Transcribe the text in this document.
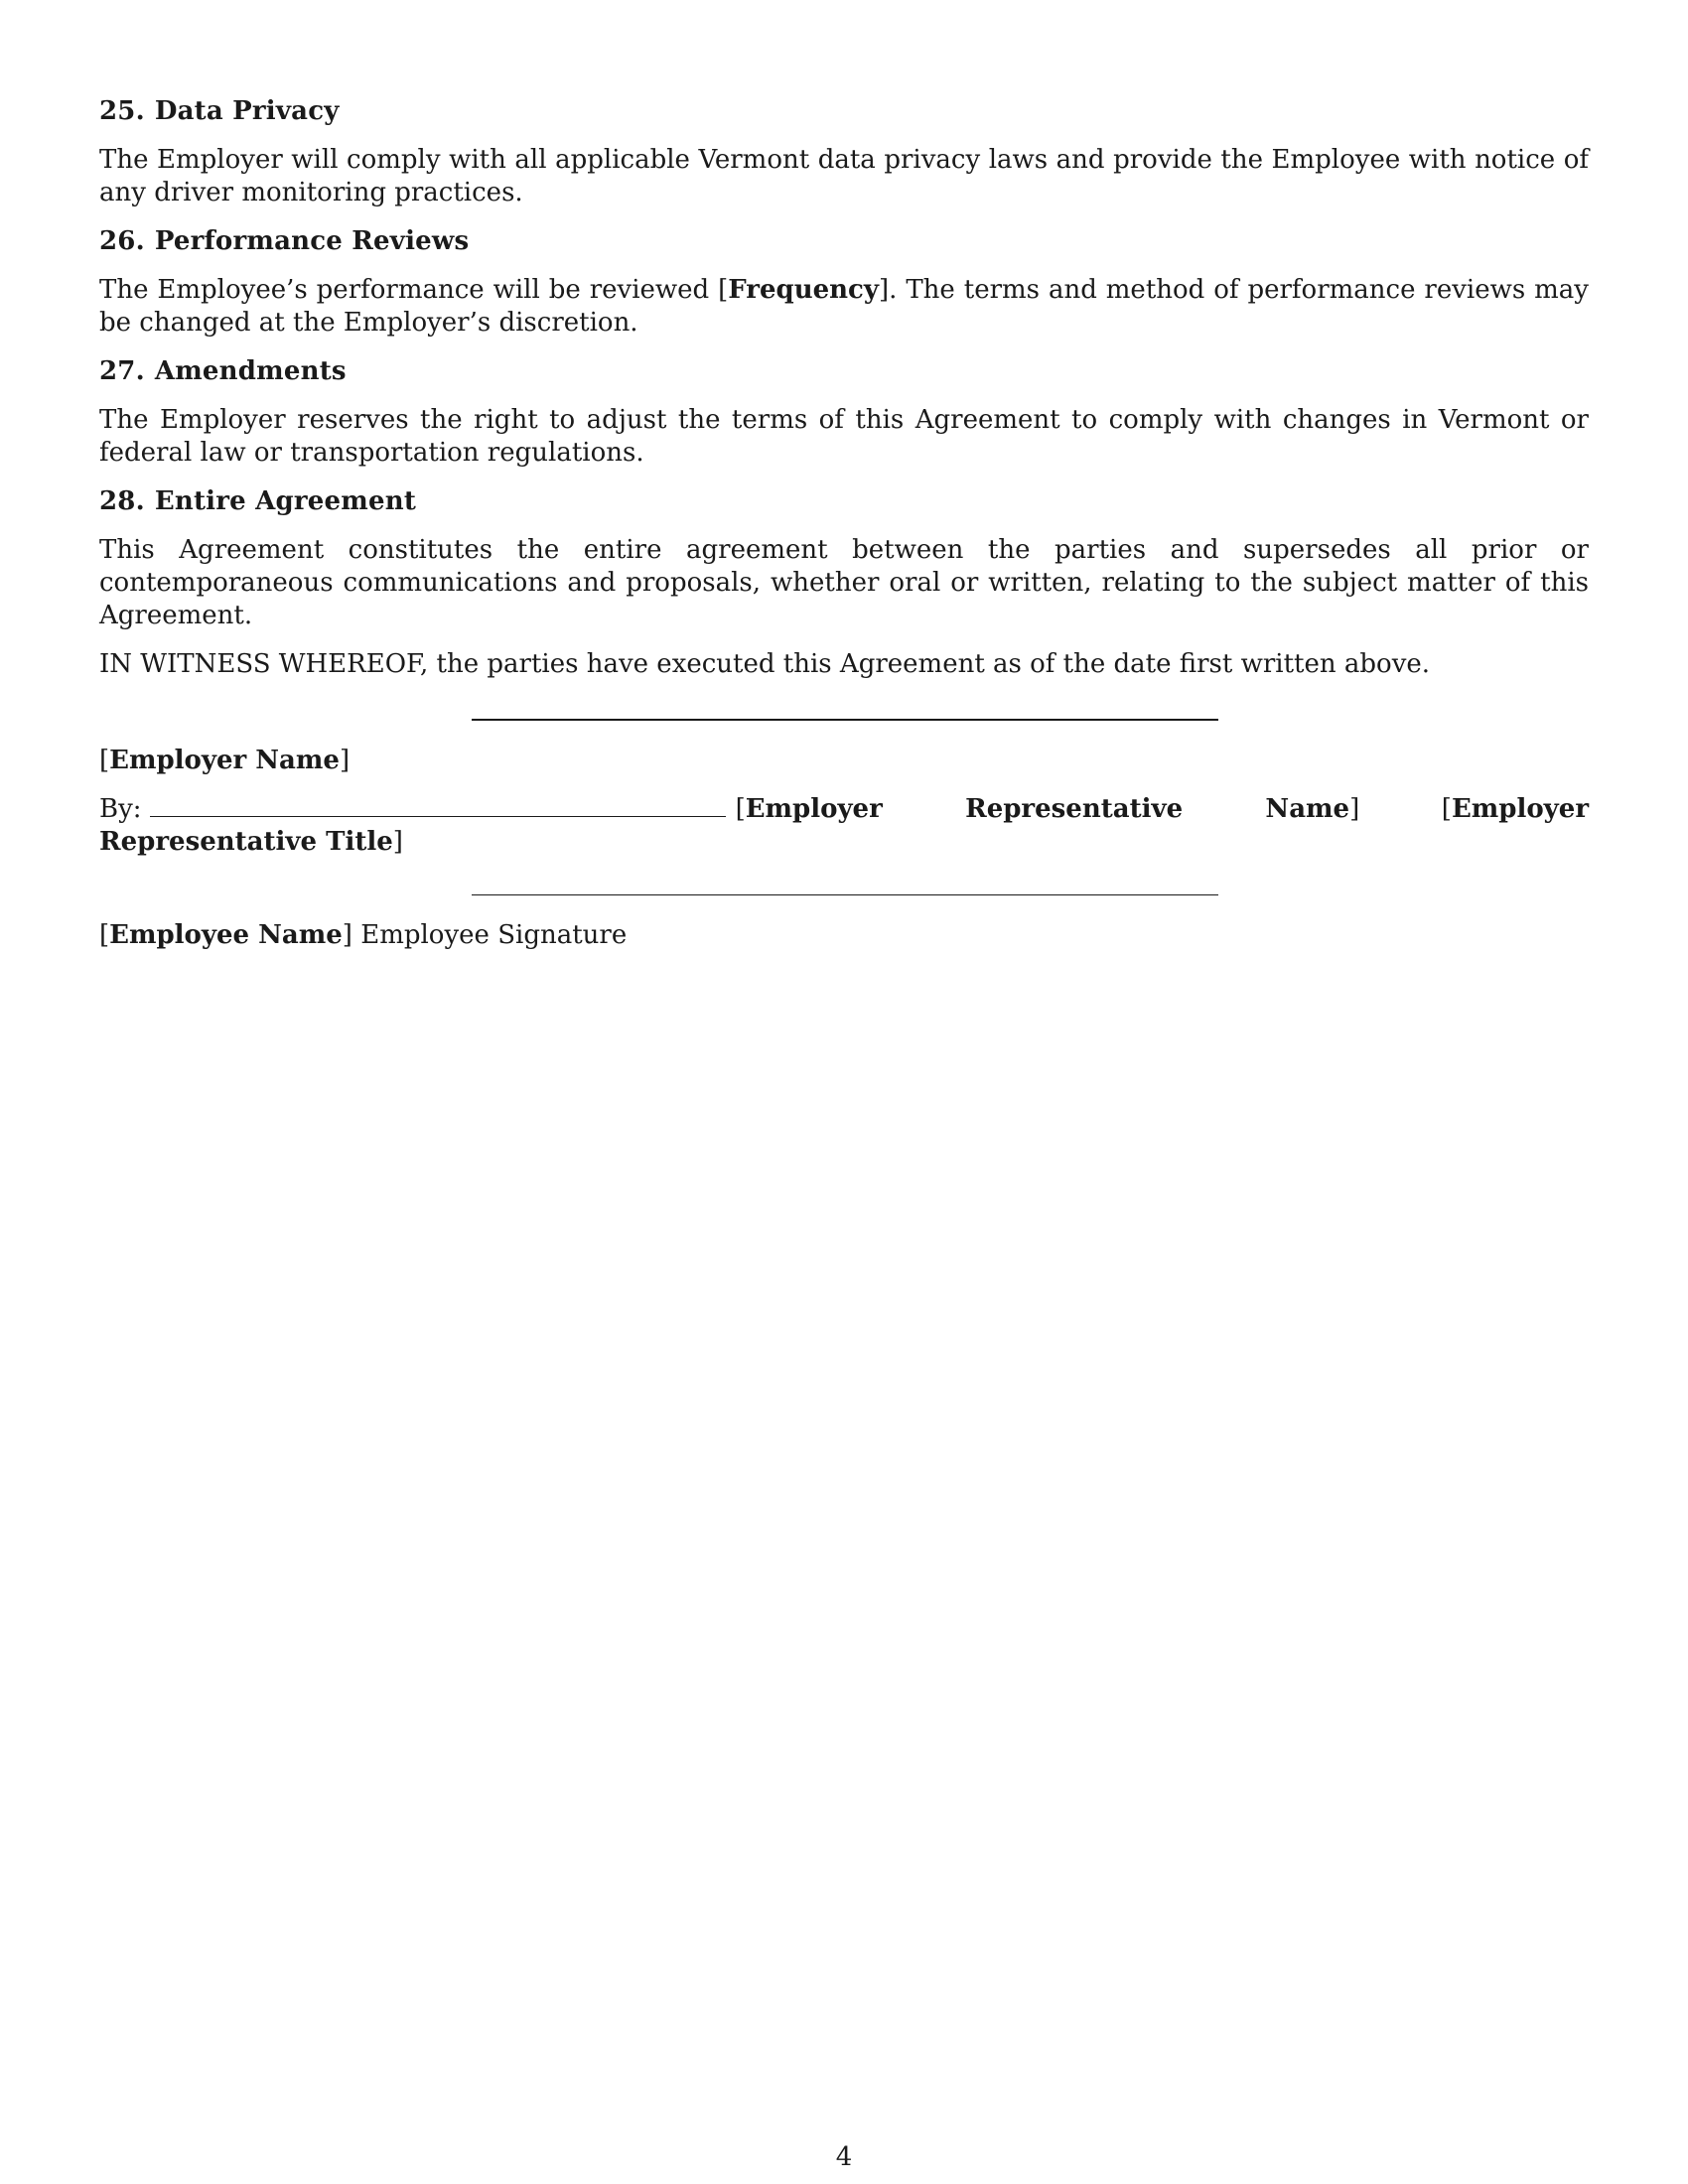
25. Data Privacy
The Employer will comply with all applicable Vermont data privacy laws and provide the Employee with notice of any driver monitoring practices.
26. Performance Reviews
The Employee’s performance will be reviewed [Frequency]. The terms and method of performance reviews may be changed at the Employer’s discretion.
27. Amendments
The Employer reserves the right to adjust the terms of this Agreement to comply with changes in Vermont or federal law or transportation regulations.
28. Entire Agreement
This Agreement constitutes the entire agreement between the parties and supersedes all prior or contemporaneous communications and proposals, whether oral or written, relating to the subject matter of this Agreement.
IN WITNESS WHEREOF, the parties have executed this Agreement as of the date first written above.
[Employer Name]
By:	[Employer Representative Name]	[Employer Representative Title]
[Employee Name] Employee Signature
4
